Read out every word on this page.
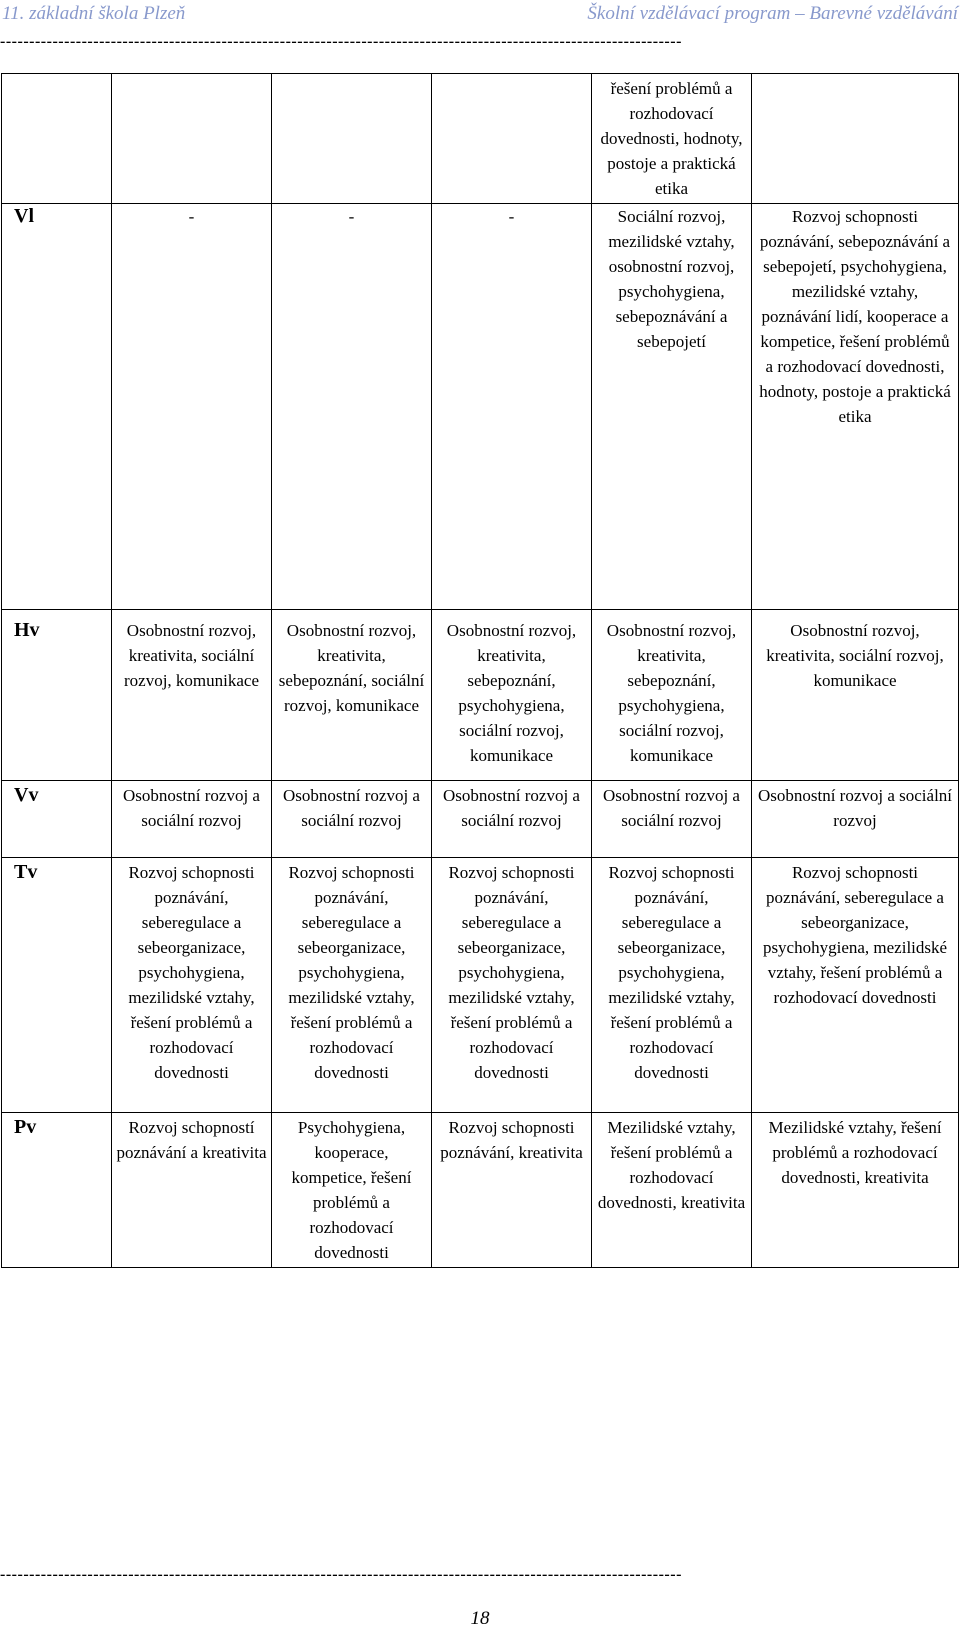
11. základní škola Plzeň	Školní vzdělávací program – Barevné vzdělávání
---------------------------------------------------------------------------------------------------------------------
				řešení problémů a rozhodovací dovednosti, hodnoty, postoje a praktická etika	
Vl	-	-	-	Sociální rozvoj, mezilidské vztahy, osobnostní rozvoj, psychohygiena, sebepoznávání a sebepojetí	Rozvoj schopnosti poznávání, sebepoznávání a sebepojetí, psychohygiena, mezilidské vztahy, poznávání lidí, kooperace a kompetice, řešení problémů a rozhodovací dovednosti, hodnoty, postoje a praktická etika
Hv	Osobnostní rozvoj, kreativita, sociální rozvoj, komunikace	Osobnostní rozvoj, kreativita, sebepoznání, sociální rozvoj, komunikace	Osobnostní rozvoj, kreativita, sebepoznání, psychohygiena, sociální rozvoj, komunikace	Osobnostní rozvoj, kreativita, sebepoznání, psychohygiena, sociální rozvoj, komunikace	Osobnostní rozvoj, kreativita, sociální rozvoj, komunikace
Vv	Osobnostní rozvoj a sociální rozvoj	Osobnostní rozvoj a sociální rozvoj	Osobnostní rozvoj a sociální rozvoj	Osobnostní rozvoj a sociální rozvoj	Osobnostní rozvoj a sociální rozvoj
Tv	Rozvoj schopnosti poznávání, seberegulace a sebeorganizace, psychohygiena, mezilidské vztahy, řešení problémů a rozhodovací dovednosti	Rozvoj schopnosti poznávání, seberegulace a sebeorganizace, psychohygiena, mezilidské vztahy, řešení problémů a rozhodovací dovednosti	Rozvoj schopnosti poznávání, seberegulace a sebeorganizace, psychohygiena, mezilidské vztahy, řešení problémů a rozhodovací dovednosti	Rozvoj schopnosti poznávání, seberegulace a sebeorganizace, psychohygiena, mezilidské vztahy, řešení problémů a rozhodovací dovednosti	Rozvoj schopnosti poznávání, seberegulace a sebeorganizace, psychohygiena, mezilidské vztahy, řešení problémů a rozhodovací dovednosti
Pv	Rozvoj schopností poznávání a kreativita	Psychohygiena, kooperace, kompetice, řešení problémů a rozhodovací dovednosti	Rozvoj schopnosti poznávání, kreativita	Mezilidské vztahy, řešení problémů a rozhodovací dovednosti, kreativita	Mezilidské vztahy, řešení problémů a rozhodovací dovednosti, kreativita
---------------------------------------------------------------------------------------------------------------------
18
